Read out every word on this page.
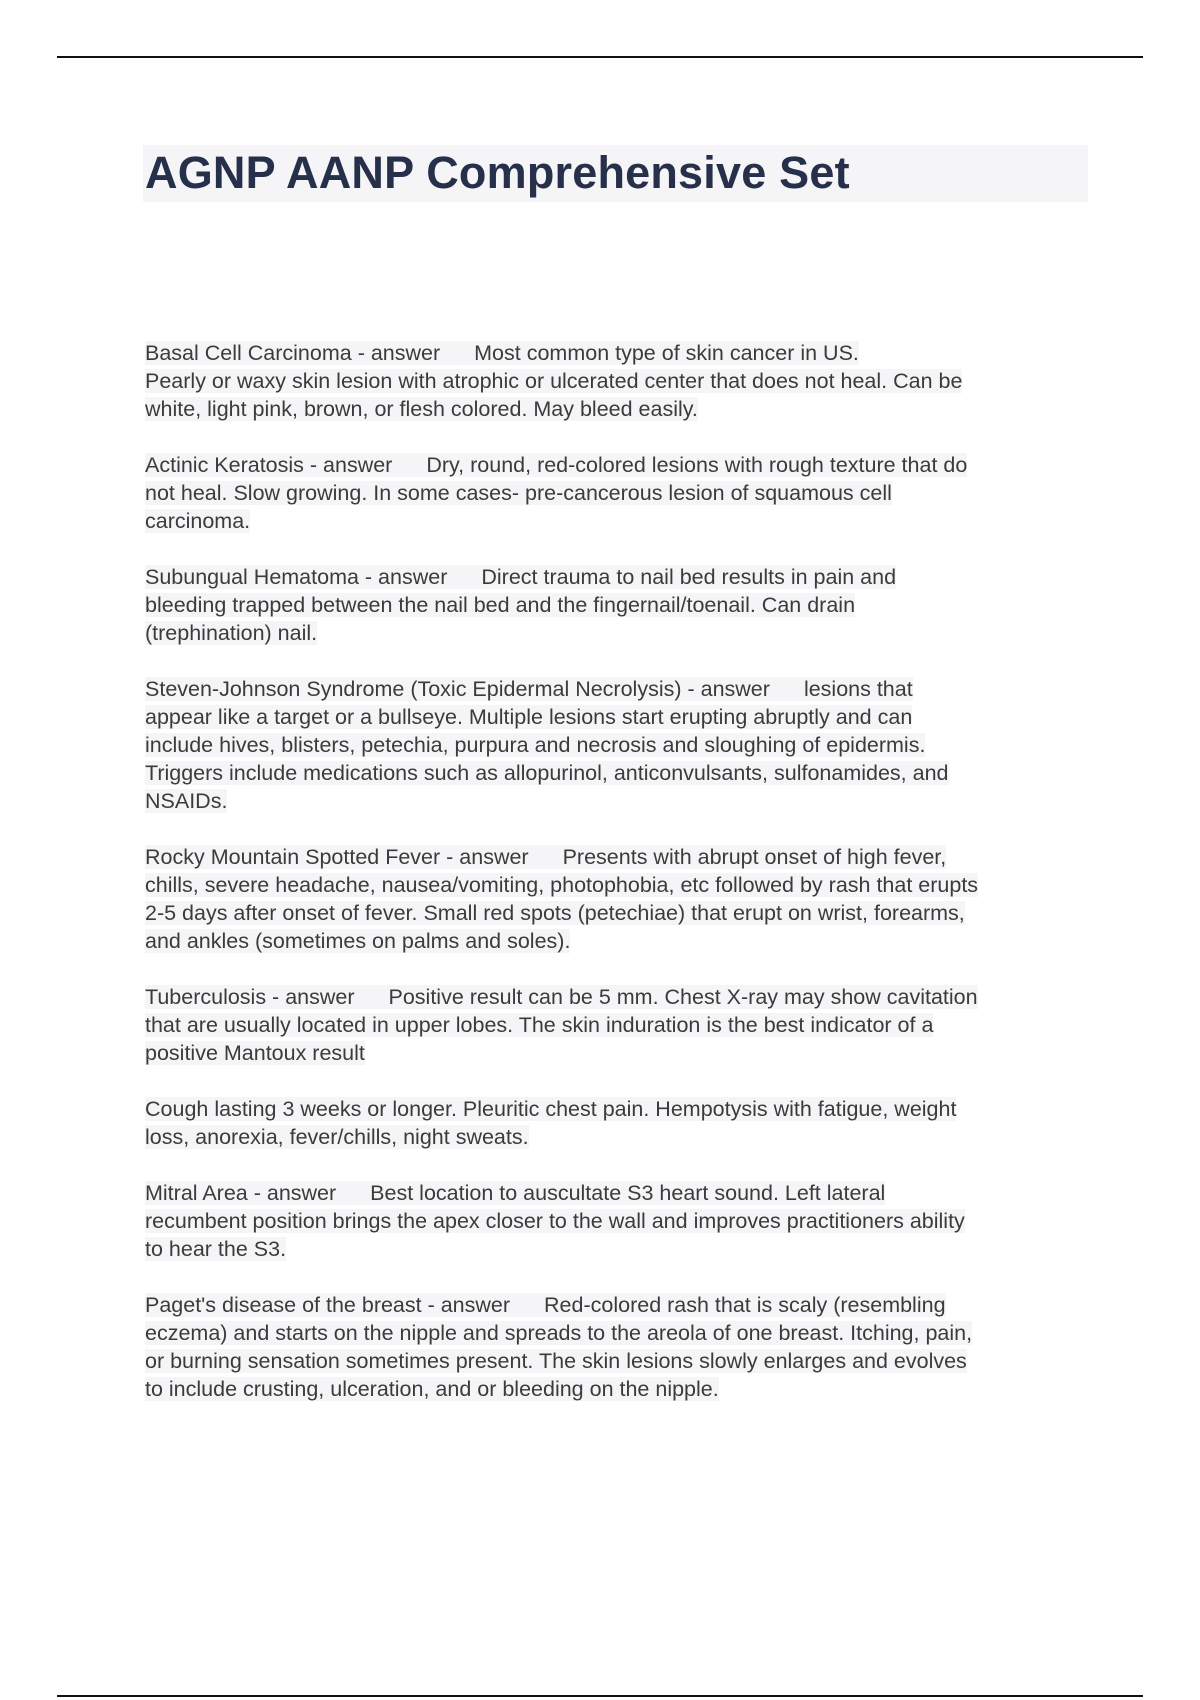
AGNP AANP Comprehensive Set

Basal Cell Carcinoma - answer Most common type of skin cancer in US.
Pearly or waxy skin lesion with atrophic or ulcerated center that does not heal. Can be
white, light pink, brown, or flesh colored. May bleed easily.

Actinic Keratosis - answer Dry, round, red-colored lesions with rough texture that do
not heal. Slow growing. In some cases- pre-cancerous lesion of squamous cell
carcinoma.

Subungual Hematoma - answer Direct trauma to nail bed results in pain and
bleeding trapped between the nail bed and the fingernail/toenail. Can drain
(trephination) nail.

Steven-Johnson Syndrome (Toxic Epidermal Necrolysis) - answer lesions that
appear like a target or a bullseye. Multiple lesions start erupting abruptly and can
include hives, blisters, petechia, purpura and necrosis and sloughing of epidermis.
Triggers include medications such as allopurinol, anticonvulsants, sulfonamides, and
NSAIDs.

Rocky Mountain Spotted Fever - answer Presents with abrupt onset of high fever,
chills, severe headache, nausea/vomiting, photophobia, etc followed by rash that erupts
2-5 days after onset of fever. Small red spots (petechiae) that erupt on wrist, forearms,
and ankles (sometimes on palms and soles).

Tuberculosis - answer Positive result can be 5 mm. Chest X-ray may show cavitation
that are usually located in upper lobes. The skin induration is the best indicator of a
positive Mantoux result

Cough lasting 3 weeks or longer. Pleuritic chest pain. Hempotysis with fatigue, weight
loss, anorexia, fever/chills, night sweats.

Mitral Area - answer Best location to auscultate S3 heart sound. Left lateral
recumbent position brings the apex closer to the wall and improves practitioners ability
to hear the S3.

Paget's disease of the breast - answer Red-colored rash that is scaly (resembling
eczema) and starts on the nipple and spreads to the areola of one breast. Itching, pain,
or burning sensation sometimes present. The skin lesions slowly enlarges and evolves
to include crusting, ulceration, and or bleeding on the nipple.
